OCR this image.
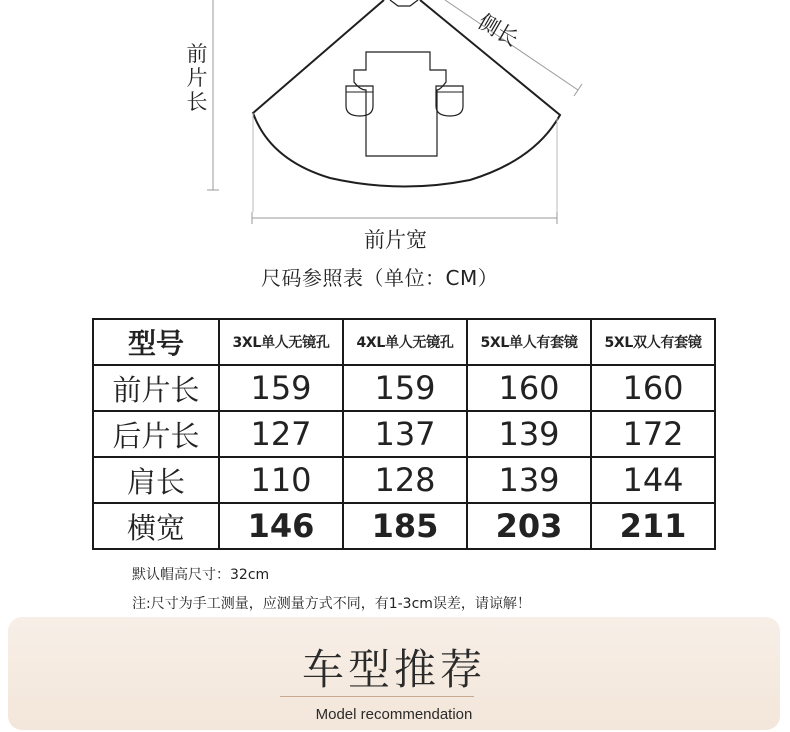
前片长
侧长
前片宽
尺码参照表（单位：CM）
型号	3XL单人无镜孔	4XL单人无镜孔	5XL单人有套镜	5XL双人有套镜
前片长	159	159	160	160
后片长	127	137	139	172
肩长	110	128	139	144
横宽	146	185	203	211
默认帽高尺寸：32cm
注:尺寸为手工测量，应测量方式不同，有1-3cm误差，请谅解！
车型推荐
Model recommendation
